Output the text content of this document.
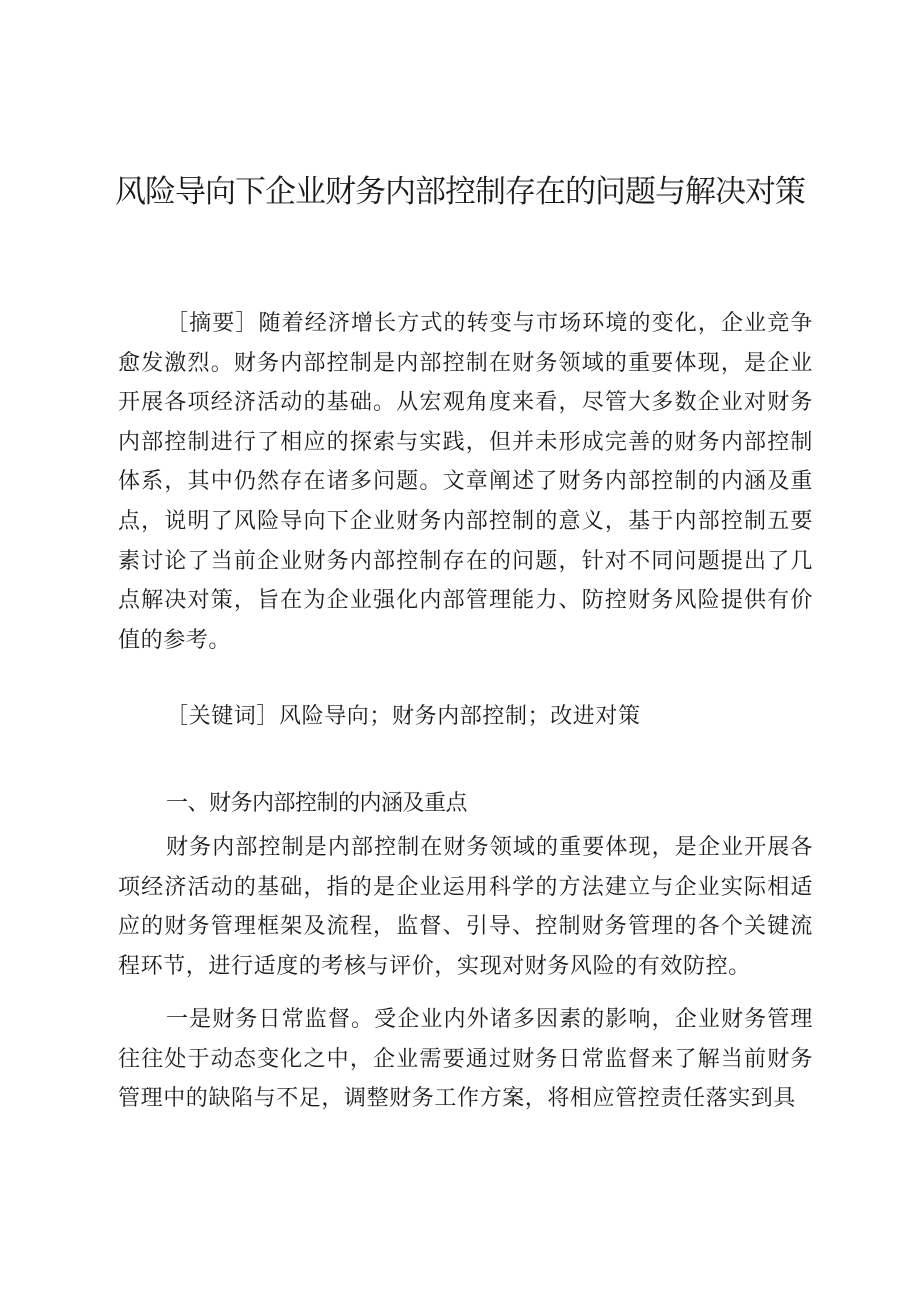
风险导向下企业财务内部控制存在的问题与解决对策

［摘要］随着经济增长方式的转变与市场环境的变化，企业竞争愈发激烈。财务内部控制是内部控制在财务领域的重要体现，是企业开展各项经济活动的基础。从宏观角度来看，尽管大多数企业对财务内部控制进行了相应的探索与实践，但并未形成完善的财务内部控制体系，其中仍然存在诸多问题。文章阐述了财务内部控制的内涵及重点，说明了风险导向下企业财务内部控制的意义，基于内部控制五要素讨论了当前企业财务内部控制存在的问题，针对不同问题提出了几点解决对策，旨在为企业强化内部管理能力、防控财务风险提供有价值的参考。

［关键词］风险导向；财务内部控制；改进对策

一、财务内部控制的内涵及重点

财务内部控制是内部控制在财务领域的重要体现，是企业开展各项经济活动的基础，指的是企业运用科学的方法建立与企业实际相适应的财务管理框架及流程，监督、引导、控制财务管理的各个关键流程环节，进行适度的考核与评价，实现对财务风险的有效防控。

一是财务日常监督。受企业内外诸多因素的影响，企业财务管理往往处于动态变化之中，企业需要通过财务日常监督来了解当前财务管理中的缺陷与不足，调整财务工作方案，将相应管控责任落实到具
